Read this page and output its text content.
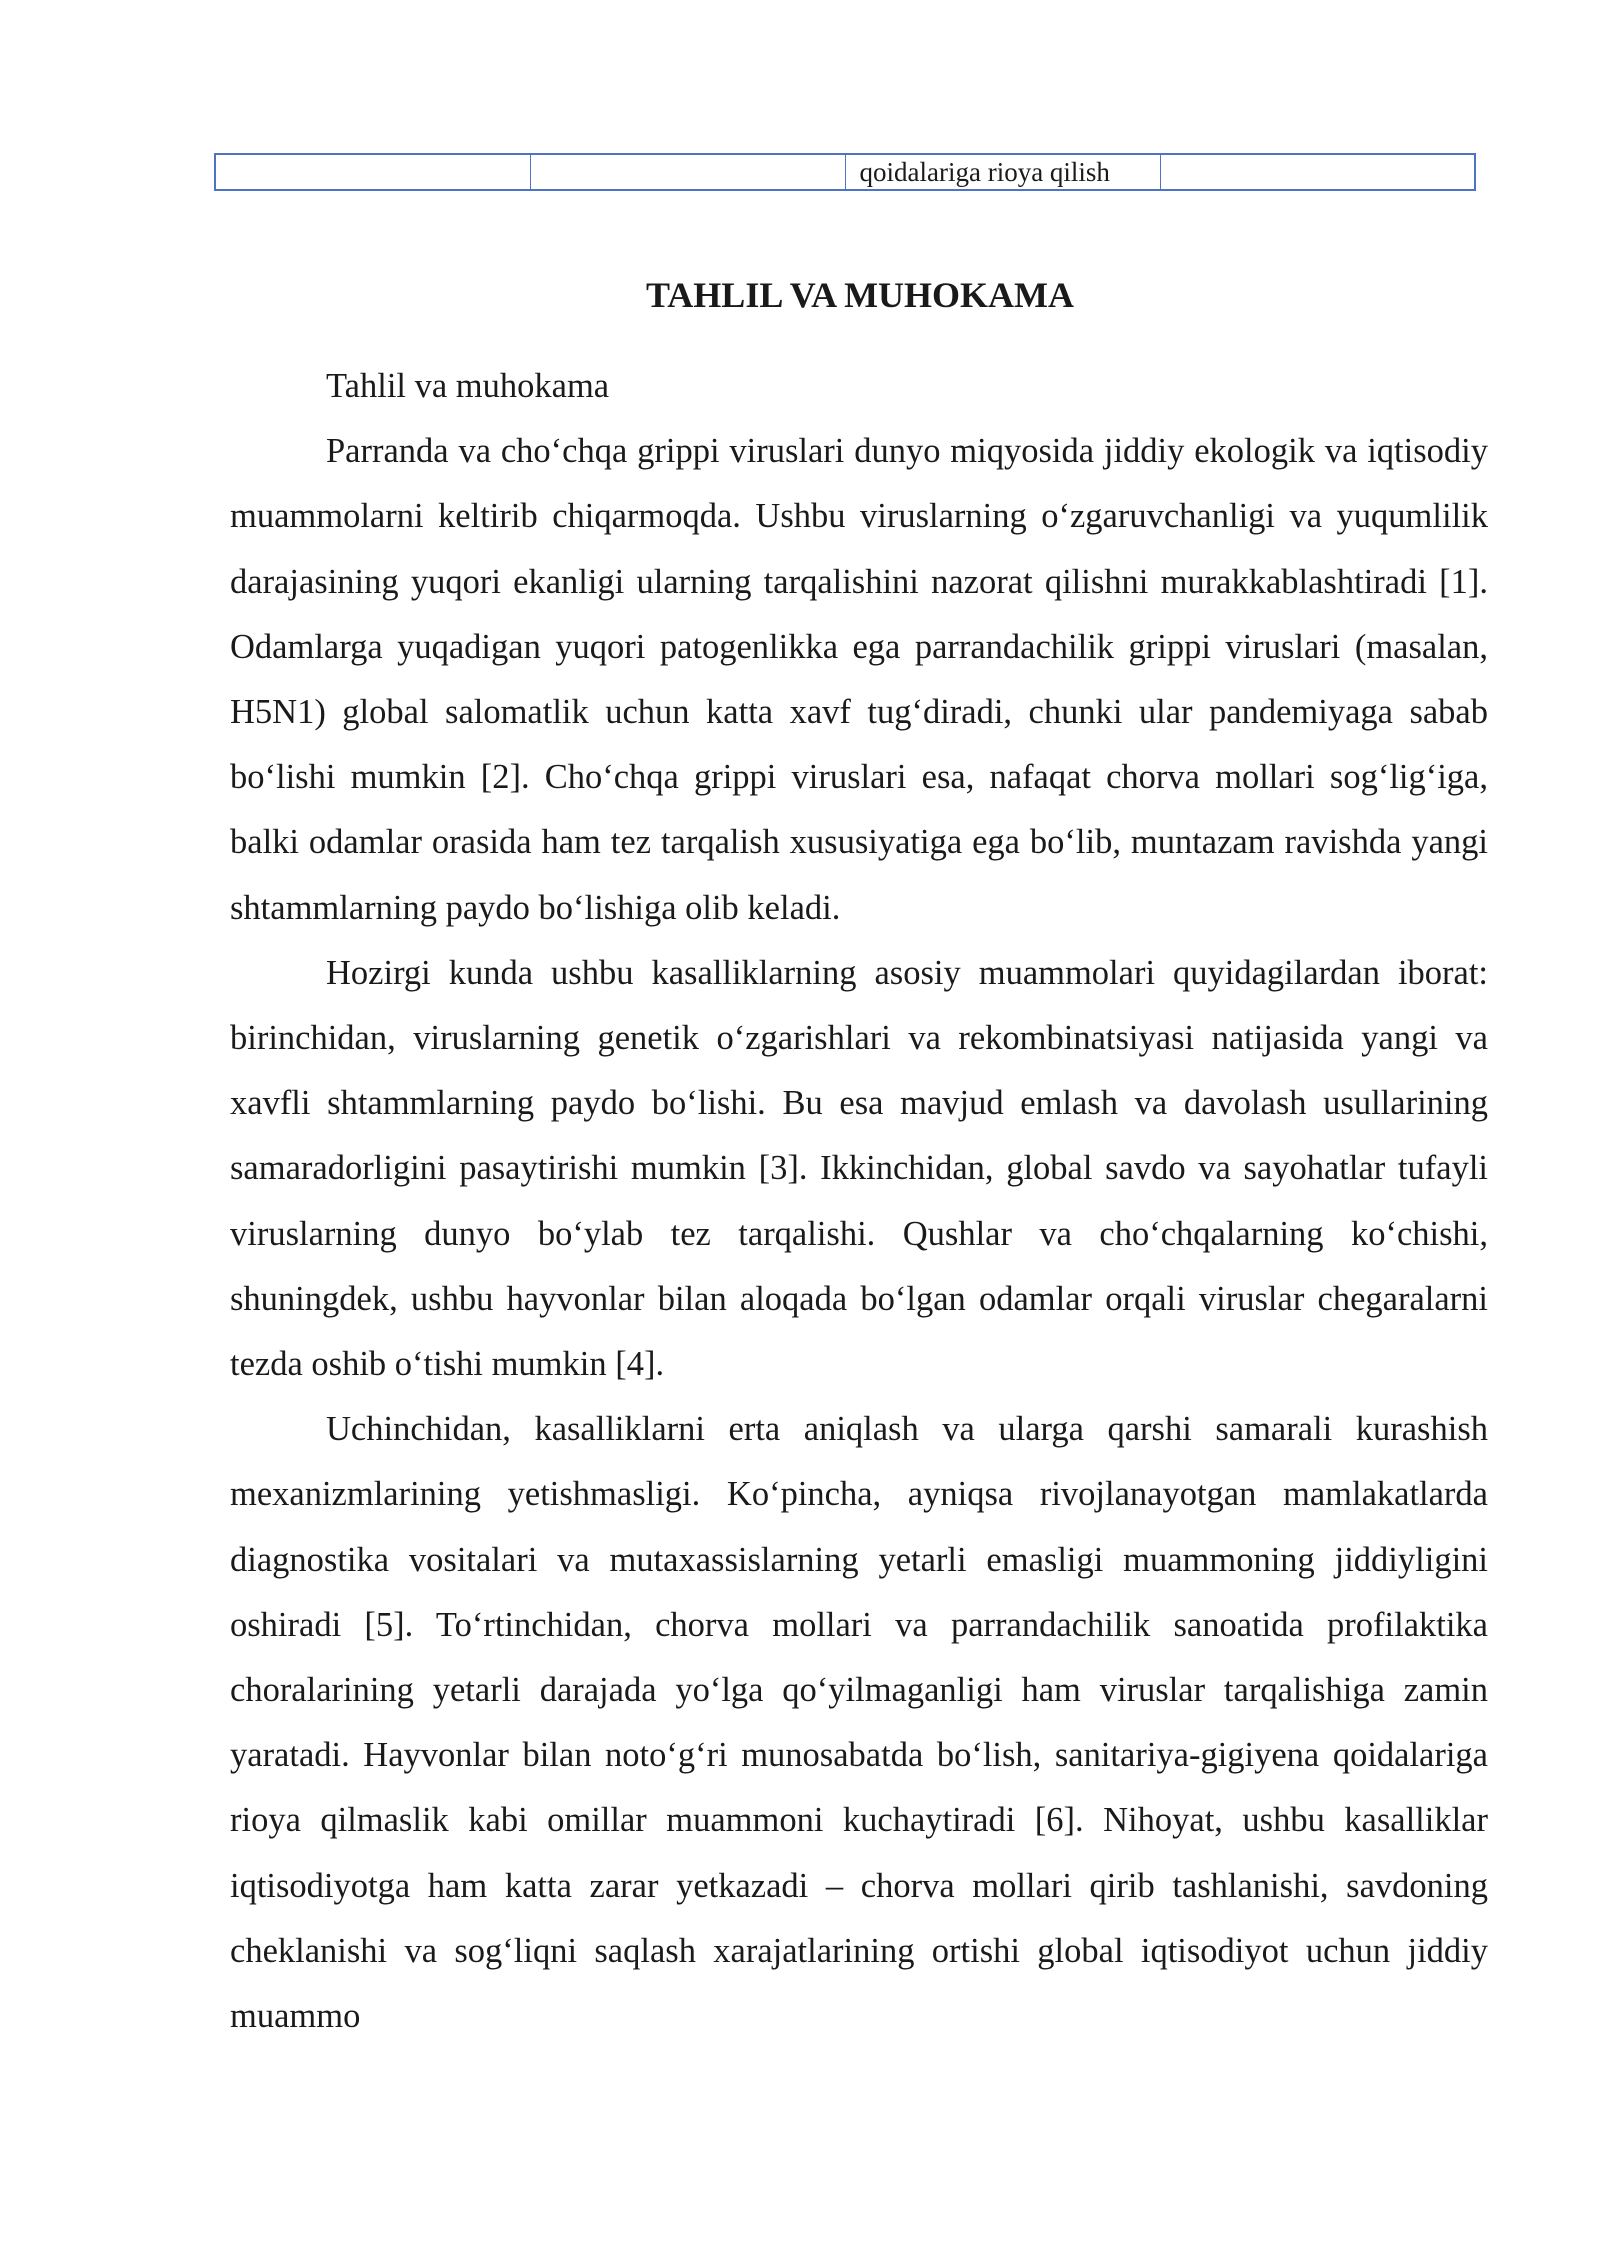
		qoidalariga rioya qilish	
TAHLIL VA MUHOKAMA

Tahlil va muhokama

Parranda va cho‘chqa grippi viruslari dunyo miqyosida jiddiy ekologik va iqtisodiy muammolarni keltirib chiqarmoqda. Ushbu viruslarning o‘zgaruvchanligi va yuqumlilik darajasining yuqori ekanligi ularning tarqalishini nazorat qilishni murakkablashtiradi [1]. Odamlarga yuqadigan yuqori patogenlikka ega parrandachilik grippi viruslari (masalan, H5N1) global salomatlik uchun katta xavf tug‘diradi, chunki ular pandemiyaga sabab bo‘lishi mumkin [2]. Cho‘chqa grippi viruslari esa, nafaqat chorva mollari sog‘lig‘iga, balki odamlar orasida ham tez tarqalish xususiyatiga ega bo‘lib, muntazam ravishda yangi shtammlarning paydo bo‘lishiga olib keladi.

Hozirgi kunda ushbu kasalliklarning asosiy muammolari quyidagilardan iborat: birinchidan, viruslarning genetik o‘zgarishlari va rekombinatsiyasi natijasida yangi va xavfli shtammlarning paydo bo‘lishi. Bu esa mavjud emlash va davolash usullarining samaradorligini pasaytirishi mumkin [3]. Ikkinchidan, global savdo va sayohatlar tufayli viruslarning dunyo bo‘ylab tez tarqalishi. Qushlar va cho‘chqalarning ko‘chishi, shuningdek, ushbu hayvonlar bilan aloqada bo‘lgan odamlar orqali viruslar chegaralarni tezda oshib o‘tishi mumkin [4].

Uchinchidan, kasalliklarni erta aniqlash va ularga qarshi samarali kurashish mexanizmlarining yetishmasligi. Ko‘pincha, ayniqsa rivojlanayotgan mamlakatlarda diagnostika vositalari va mutaxassislarning yetarli emasligi muammoning jiddiyligini oshiradi [5]. To‘rtinchidan, chorva mollari va parrandachilik sanoatida profilaktika choralarining yetarli darajada yo‘lga qo‘yilmaganligi ham viruslar tarqalishiga zamin yaratadi. Hayvonlar bilan noto‘g‘ri munosabatda bo‘lish, sanitariya-gigiyena qoidalariga rioya qilmaslik kabi omillar muammoni kuchaytiradi [6]. Nihoyat, ushbu kasalliklar iqtisodiyotga ham katta zarar yetkazadi – chorva mollari qirib tashlanishi, savdoning cheklanishi va sog‘liqni saqlash xarajatlarining ortishi global iqtisodiyot uchun jiddiy muammo
